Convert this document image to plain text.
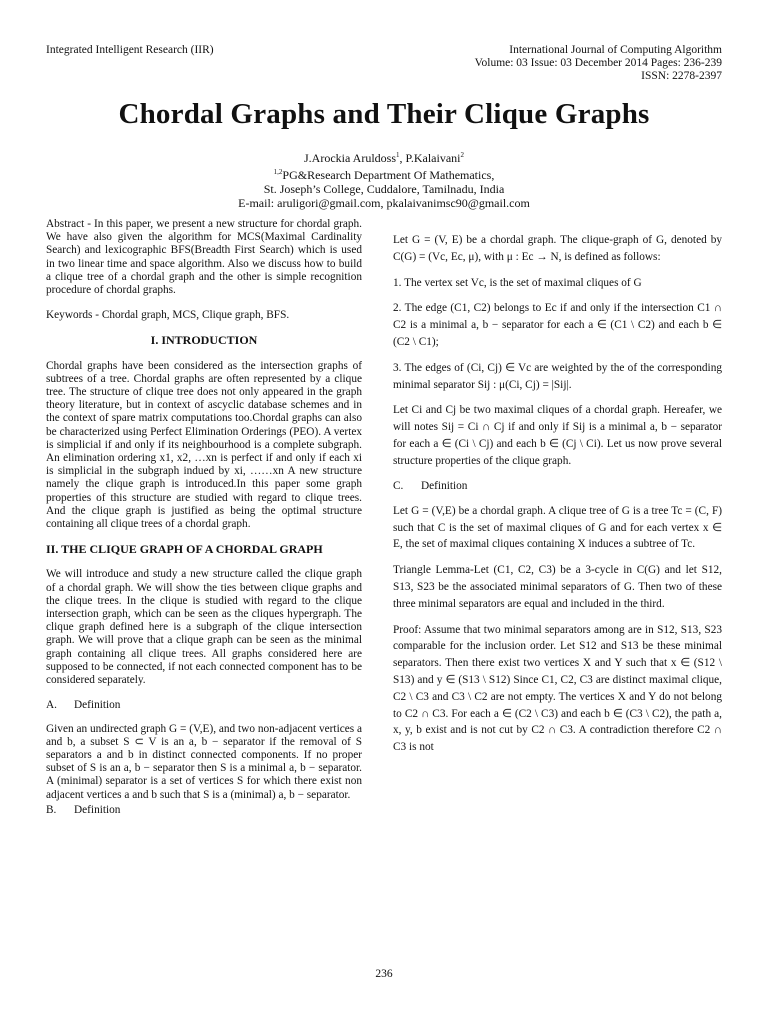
Integrated Intelligent Research (IIR)	International Journal of Computing Algorithm
Volume: 03 Issue: 03 December 2014 Pages: 236-239
ISSN: 2278-2397
Chordal Graphs and Their Clique Graphs
J.Arockia Aruldoss$^1$, P.Kalaivani$^2$
$^{1,2}$PG&Research Department Of Mathematics,
St. Joseph’s College, Cuddalore, Tamilnadu, India
E-mail: aruligori@gmail.com, pkalaivanimsc90@gmail.com

Abstract - In this paper, we present a new structure for chordal graph. We have also given the algorithm for MCS(Maximal Cardinality Search) and lexicographic BFS(Breadth First Search) which is used in two linear time and space algorithm. Also we discuss how to build a clique tree of a chordal graph and the other is simple recognition procedure of chordal graphs.

Keywords - Chordal graph, MCS, Clique graph, BFS.

I. INTRODUCTION

Chordal graphs have been considered as the intersection graphs of subtrees of a tree. Chordal graphs are often represented by a clique tree. The structure of clique tree does not only appeared in the graph theory literature, but in context of ascyclic database schemes and in the context of spare matrix computations too.Chordal graphs can also be characterized using Perfect Elimination Orderings (PEO). A vertex is simplicial if and only if its neighbourhood is a complete subgraph. An elimination ordering x1, x2, …xn is perfect if and only if each xi is simplicial in the subgraph indued by xi, ……xn A new structure namely the clique graph is introduced.In this paper some graph properties of this structure are studied with regard to clique trees. And the clique graph is justified as being the optimal structure containing all clique trees of a chordal graph.

II. THE CLIQUE GRAPH OF A CHORDAL GRAPH

We will introduce and study a new structure called the clique graph of a chordal graph. We will show the ties between clique graphs and the clique trees. In the clique is studied with regard to the clique intersection graph, which can be seen as the cliques hypergraph. The clique graph defined here is a subgraph of the clique intersection graph. We will prove that a clique graph can be seen as the minimal graph containing all clique trees. All graphs considered here are supposed to be connected, if not each connected component has to be considered separately.

A. Definition

Given an undirected graph G = (V,E), and two non-adjacent vertices a and b, a subset S ⊂ V is an a, b − separator if the removal of S separators a and b in distinct connected components. If no proper subset of S is an a, b − separator then S is a minimal a, b − separator. A (minimal) separator is a set of vertices S for which there exist non adjacent vertices a and b such that S is a (minimal) a, b − separator.

B. Definition

Let G = (V, E) be a chordal graph. The clique-graph of G, denoted by C(G) = (Vc, Ec, μ), with μ : Ec → N, is defined as follows:

1. The vertex set Vc, is the set of maximal cliques of G

2. The edge (C1, C2) belongs to Ec if and only if the intersection C1 ∩ C2 is a minimal a, b − separator for each a ∈ (C1 \ C2) and each b ∈ (C2 \ C1);

3. The edges of (Ci, Cj) ∈ Vc are weighted by the of the corresponding minimal separator Sij : μ(Ci, Cj) = |Sij|.

Let Ci and Cj be two maximal cliques of a chordal graph. Hereafer, we will notes Sij = Ci ∩ Cj if and only if Sij is a minimal a, b − separator for each a ∈ (Ci \ Cj) and each b ∈ (Cj \ Ci). Let us now prove several structure properties of the clique graph.

C. Definition

Let G = (V,E) be a chordal graph. A clique tree of G is a tree Tc = (C, F) such that C is the set of maximal cliques of G and for each vertex x ∈ E, the set of maximal cliques containing X induces a subtree of Tc.

Triangle Lemma-Let (C1, C2, C3) be a 3-cycle in C(G) and let S12, S13, S23 be the associated minimal separators of G. Then two of these three minimal separators are equal and included in the third.

Proof: Assume that two minimal separators among are in S12, S13, S23 comparable for the inclusion order. Let S12 and S13 be these minimal separators. Then there exist two vertices X and Y such that x ∈ (S12 \ S13) and y ∈ (S13 \ S12) Since C1, C2, C3 are distinct maximal clique, C2 \ C3 and C3 \ C2 are not empty. The vertices X and Y do not belong to C2 ∩ C3. For each a ∈ (C2 \ C3) and each b ∈ (C3 \ C2), the path a, x, y, b exist and is not cut by C2 ∩ C3. A contradiction therefore C2 ∩ C3 is not

236
